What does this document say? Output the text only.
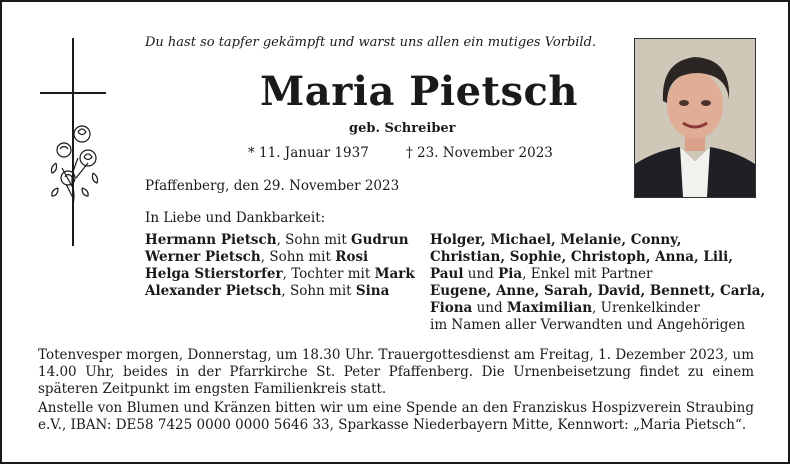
Du hast so tapfer gekämpft und warst uns allen ein mutiges Vorbild.
Maria Pietsch
geb. Schreiber
* 11. Januar 1937	† 23. November 2023
Pfaffenberg, den 29. November 2023
In Liebe und Dankbarkeit:
Hermann Pietsch, Sohn mit Gudrun
Werner Pietsch, Sohn mit Rosi
Helga Stierstorfer, Tochter mit Mark
Alexander Pietsch, Sohn mit Sina
Holger, Michael, Melanie, Conny,
Christian, Sophie, Christoph, Anna, Lili,
Paul und Pia, Enkel mit Partner
Eugene, Anne, Sarah, David, Bennett, Carla,
Fiona und Maximilian, Urenkelkinder
im Namen aller Verwandten und Angehörigen
Totenvesper morgen, Donnerstag, um 18.30 Uhr. Trauergottesdienst am Freitag, 1. Dezember 2023, um 14.00 Uhr, beides in der Pfarrkirche St. Peter Pfaffenberg. Die Urnenbeisetzung findet zu einem späteren Zeitpunkt im engsten Familienkreis statt.
Anstelle von Blumen und Kränzen bitten wir um eine Spende an den Franziskus Hospizverein Straubing e.V., IBAN: DE58 7425 0000 0000 5646 33, Sparkasse Niederbayern Mitte, Kennwort: „Maria Pietsch“.
